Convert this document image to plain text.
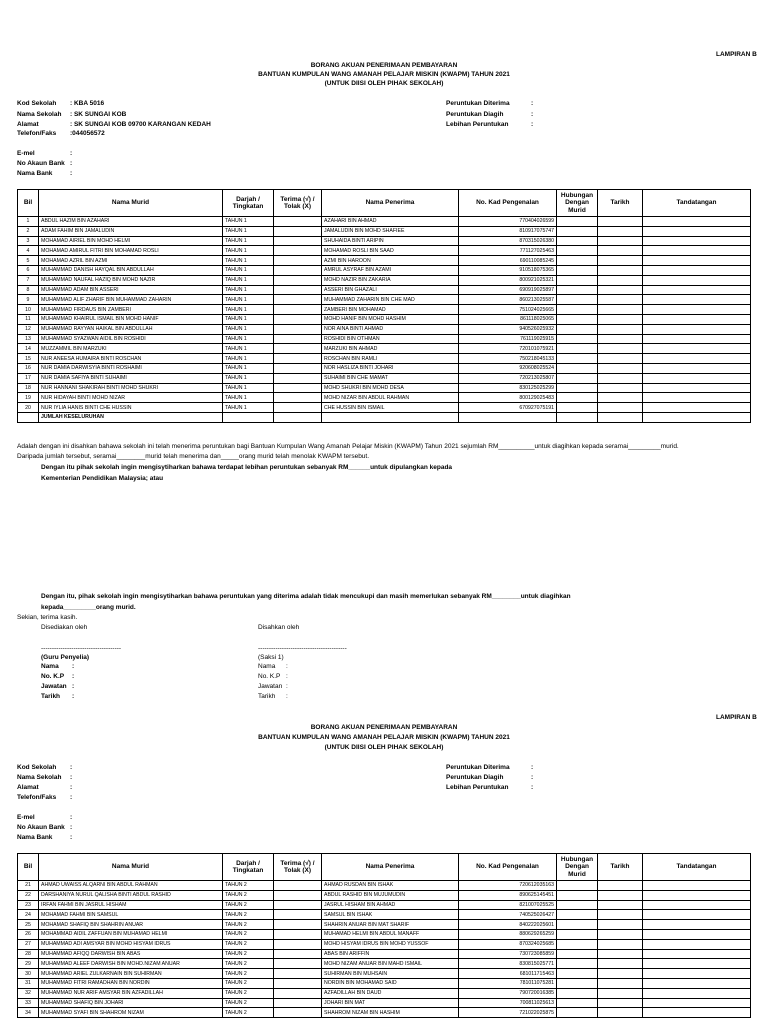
LAMPIRAN B
BORANG AKUAN PENERIMAAN PEMBAYARAN
BANTUAN KUMPULAN WANG AMANAH PELAJAR MISKIN (KWAPM) TAHUN 2021
(UNTUK DIISI OLEH PIHAK SEKOLAH)
Kod Sekolah : KBA 5016
Nama Sekolah : SK SUNGAI KOB
Alamat	: SK SUNGAI KOB 09700 KARANGAN KEDAH
Telefon/Faks :044056572
E-mel	:
No Akaun Bank :
Nama Bank	:
Peruntukan Diterima	:
Peruntukan Diagih	:
Lebihan Peruntukan	:
Bil	Nama Murid	Darjah / Tingkatan	Terima (√) / Tolak (X)	Nama Penerima	No. Kad Pengenalan	Hubungan Dengan Murid	Tarikh	Tandatangan
1	ABDUL HAZIM BIN AZAHARI	TAHUN 1		AZAHARI BIN AHMAD	770404026599			
2	ADAM FAHIM BIN JAMALUDIN	TAHUN 1		JAMALUDIN BIN MOHD SHAFIEE	810917075747			
3	MOHAMAD AIRIEL BIN MOHD HELMI	TAHUN 1		SHUHAIDA BINTI ARIPIN	870315026380			
4	MOHAMAD AMIRUL FITRI BIN MOHAMAD ROSLI	TAHUN 1		MOHAMAD ROSLI BIN SAAD	771127025463			
5	MOHAMAD AZRIL BIN AZMI	TAHUN 1		AZMI BIN HAROON	690110085245			
6	MUHAMMAD DANISH HAYQAL BIN ABDULLAH	TAHUN 1		AMRUL ASYRAF BIN AZAMI	910518075365			
7	MUHAMMAD NAUFAL HAZIQ BIN MOHD NAZIR	TAHUN 1		MOHD NAZIR BIN ZAKARIA	800921025321			
8	MUHAMMAD ADAM BIN ASSERI	TAHUN 1		ASSERI BIN GHAZALI	690919025897			
9	MUHAMMAD ALIF ZHARIF BIN MUHAMMAD ZAHARIN	TAHUN 1		MUHAMMAD ZAHARIN BIN CHE MAD	860213025587			
10	MUHAMMAD FIRDAUS BIN ZAMBERI	TAHUN 1		ZAMBERI BIN MOHAMAD	751024025665			
11	MUHAMMAD KHAIRUL ISMAIL BIN MOHD HANIF	TAHUN 1		MOHD HANIF BIN MOHD HASHIM	861118025065			
12	MUHAMMAD RAYYAN HAIKAL BIN ABDULLAH	TAHUN 1		NOR AINA BINTI AHMAD	940526025932			
13	MUHAMMAD SYAZWAN AIDIL BIN ROSHIDI	TAHUN 1		ROSHIDI BIN OTHMAN	761119025915			
14	MUZZAMMIL BIN MARZUKI	TAHUN 1		MARZUKI BIN AHMAD	720101075921			
15	NUR ANEESA HUMAIRA BINTI ROSCHAN	TAHUN 1		ROSCHAN BIN RAMLI	750218045133			
16	NUR DAMIA DARWISYIA BINTI ROSHAIMI	TAHUN 1		NOR HASLIZA BINTI JOHARI	920608025524			
17	NUR DAMIA SAFIYA BINTI SUHAIMI	TAHUN 1		SUHAIMI BIN CHE MAMAT	720213025807			
18	NUR HANNANI SHAKIRAH BINTI MOHD SHUKRI	TAHUN 1		MOHD SHUKRI BIN MOHD DESA	830125025299			
19	NUR HIDAYAH BINTI MOHD NIZAR	TAHUN 1		MOHD NIZAR BIN ABDUL RAHMAN	800129025483			
20	NUR IYLIA HANIS BINTI CHE HUSSIN	TAHUN 1		CHE HUSSIN BIN ISMAIL	670927075191			
	JUMLAH KESELURUHAN							
Adalah dengan ini disahkan bahawa sekolah ini telah menerima peruntukan bagi Bantuan Kumpulan Wang Amanah Pelajar Miskin (KWAPM) Tahun 2021 sejumlah RM__________untuk diagihkan kepada seramai_________murid.
Daripada jumlah tersebut, seramai________murid telah menerima dan_____orang murid telah menolak KWAPM tersebut.
Dengan itu pihak sekolah ingin mengisytiharkan bahawa terdapat lebihan peruntukan sebanyak RM______untuk dipulangkan kepada
Kementerian Pendidikan Malaysia; atau
Dengan itu, pihak sekolah ingin mengisytiharkan bahawa peruntukan yang diterima adalah tidak mencukupi dan masih memerlukan sebanyak RM________untuk diagihkan
kepada_________orang murid.
Sekian, terima kasih.
Disediakan oleh
-------------------------------------
(Guru Penyelia)
Nama :
No. K.P :
Jawatan :
Tarikh :
Disahkan oleh
-----------------------------------------
(Saksi 1)
Nama :
No. K.P :
Jawatan :
Tarikh :
LAMPIRAN B
BORANG AKUAN PENERIMAAN PEMBAYARAN
BANTUAN KUMPULAN WANG AMANAH PELAJAR MISKIN (KWAPM) TAHUN 2021
(UNTUK DIISI OLEH PIHAK SEKOLAH)
Kod Sekolah :
Nama Sekolah :
Alamat	:
Telefon/Faks :
E-mel	:
No Akaun Bank :
Nama Bank	:
Peruntukan Diterima	:
Peruntukan Diagih	:
Lebihan Peruntukan	:
Bil	Nama Murid	Darjah / Tingkatan	Terima (√) / Tolak (X)	Nama Penerima	No. Kad Pengenalan	Hubungan Dengan Murid	Tarikh	Tandatangan
21	AHMAD UWAISS ALQARNI BIN ABDUL RAHMAN	TAHUN 2		AHMAD RUSDAN BIN ISHAK	720612035163			
22	DARSHANIYA NURUL QALISHA BINTI ABDUL RASHID	TAHUN 2		ABDUL RASHID BIN MUJUMUDIN	890625145451			
23	IRFAN FAHMI BIN JASRUL HISHAM	TAHUN 2		JASRUL HISHAM BIN AHMAD	821007025525			
24	MOHAMAD FAHMI BIN SAMSUL	TAHUN 2		SAMSUL BIN ISHAK	740525026427			
25	MOHAMAD SHAFIQ BIN SHAHRIN ANUAR	TAHUN 2		SHAHRIN ANUAR BIN MAT SHARIF	840222025601			
26	MOHAMMAD AIDIL ZAFFUAN BIN MUHAMAD HELMI	TAHUN 2		MUHAMAD HELMI BIN ABDUL MANAFF	880629265259			
27	MUHAMMAD ADI AMSYAR BIN MOHD HISYAM IDRUS	TAHUN 2		MOHD HISYAM IDRUS BIN MOHD YUSSOF	870324025685			
28	MUHAMMAD AFIQQ DARWISH BIN ABAS	TAHUN 2		ABAS BIN ARIFFIN	730723085859			
29	MUHAMMAD ALEEF DARWISH BIN MOHD.NIZAM ANUAR	TAHUN 2		MOHD NIZAM ANUAR BIN MAHD ISMAIL	830815025771			
30	MUHAMMAD ARIEL ZULKARNAIN BIN SUHIRMAN	TAHUN 2		SUHIRMAN BIN MUHSAIN	681011715463			
31	MUHAMMAD FITRI RAMADHAN BIN NORDIN	TAHUN 2		NORDIN BIN MOHAMAD SAID	781011075281			
32	MUHAMMAD NUR ARIF AMSYAR BIN AZFADILLAH	TAHUN 2		AZFADILLAH BIN DAUD	790720016385			
33	MUHAMMAD SHAFIQ BIN JOHARI	TAHUN 2		JOHARI BIN MAT	700811025613			
34	MUHAMMAD SYAFI BIN SHAHROM NIZAM	TAHUN 2		SHAHROM NIZAM BIN HASHIM	721022025875			
